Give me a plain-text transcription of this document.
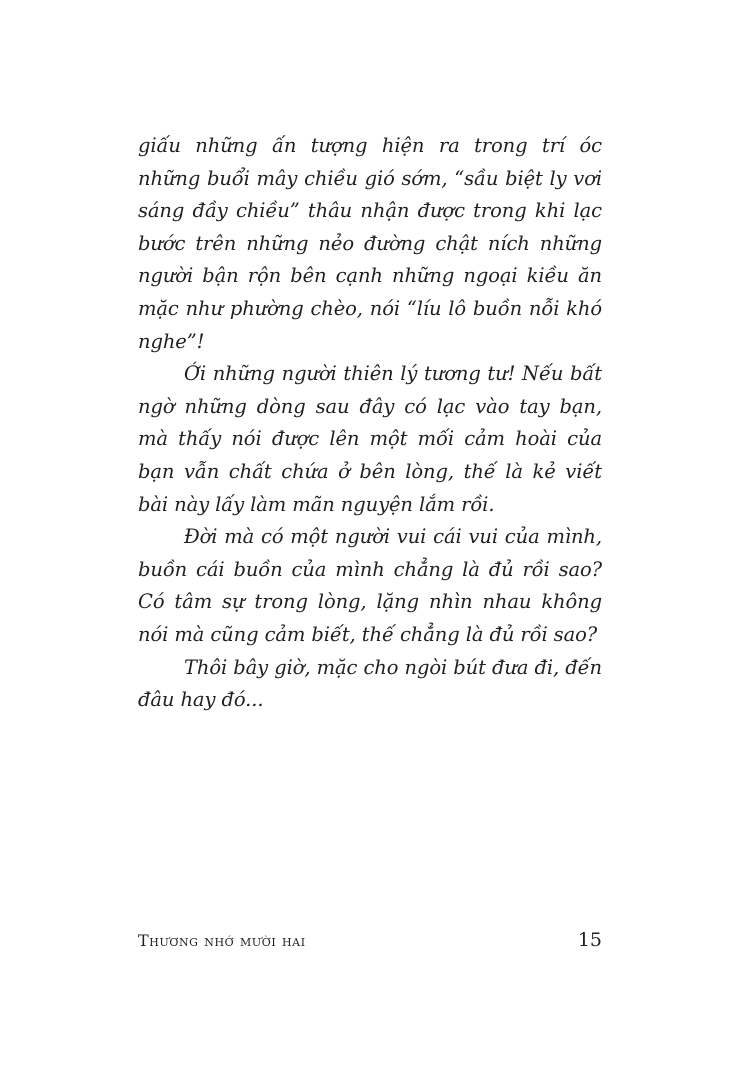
giấu những ấn tượng hiện ra trong trí óc những buổi mây chiều gió sớm, “sầu biệt ly vơi sáng đầy chiều” thâu nhận được trong khi lạc bước trên những nẻo đường chật ních những người bận rộn bên cạnh những ngoại kiều ăn mặc như phường chèo, nói “líu lô buồn nỗi khó nghe”!

Ới những người thiên lý tương tư! Nếu bất ngờ những dòng sau đây có lạc vào tay bạn, mà thấy nói được lên một mối cảm hoài của bạn vẫn chất chứa ở bên lòng, thế là kẻ viết bài này lấy làm mãn nguyện lắm rồi.

Đời mà có một người vui cái vui của mình, buồn cái buồn của mình chẳng là đủ rồi sao? Có tâm sự trong lòng, lặng nhìn nhau không nói mà cũng cảm biết, thế chẳng là đủ rồi sao?

Thôi bây giờ, mặc cho ngòi bút đưa đi, đến đâu hay đó...

Thương nhớ mười hai	15
